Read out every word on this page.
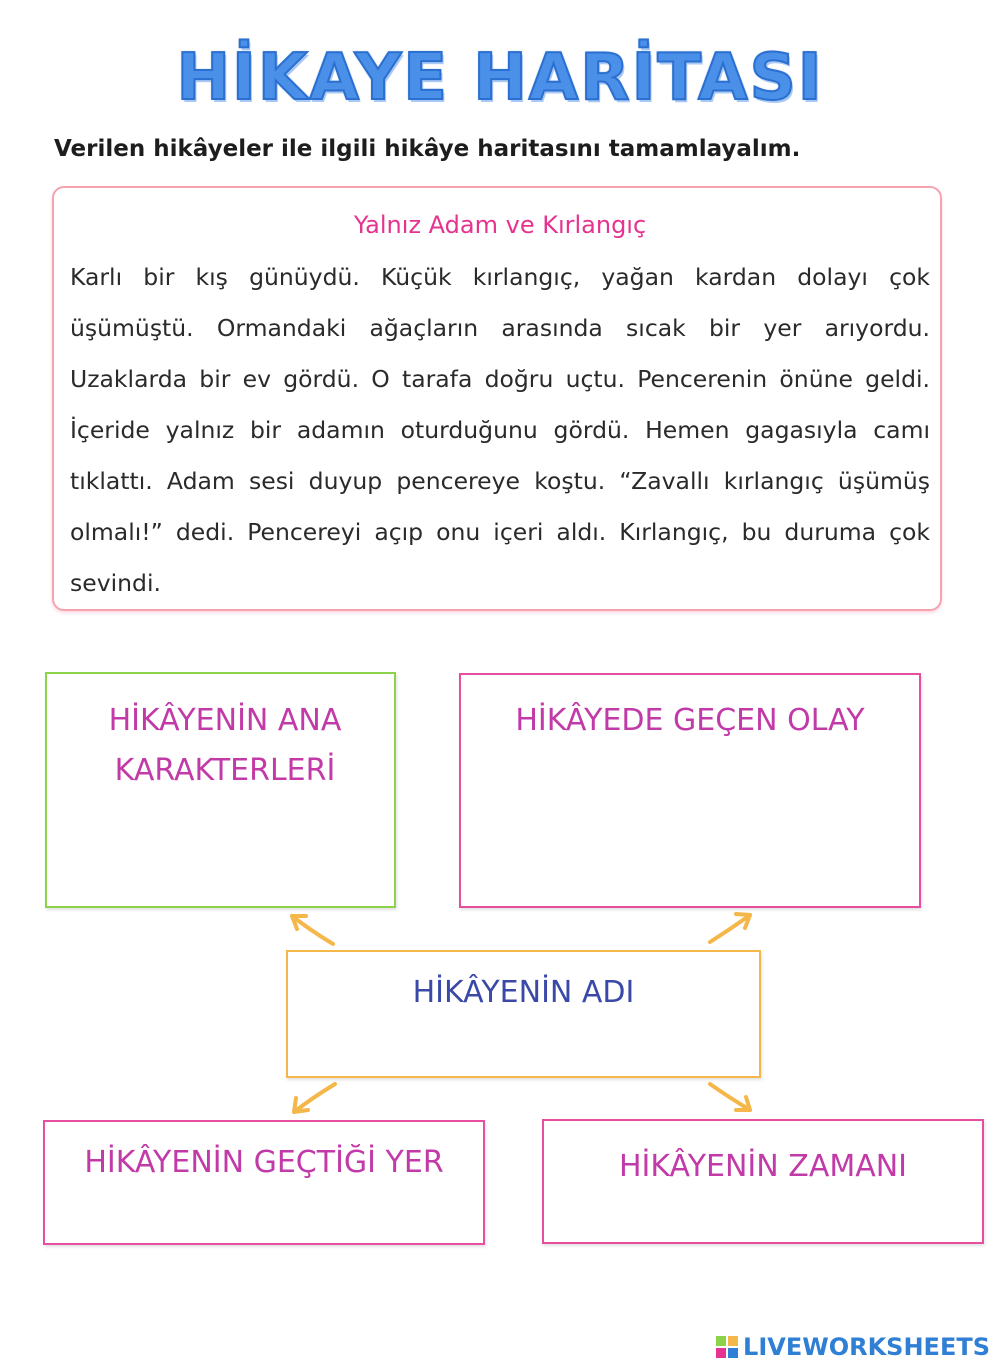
HİKAYE HARİTASI
Verilen hikâyeler ile ilgili hikâye haritasını tamamlayalım.
Yalnız Adam ve Kırlangıç
Karlı bir kış günüydü. Küçük kırlangıç, yağan kardan dolayı çok üşümüştü. Ormandaki ağaçların arasında sıcak bir yer arıyordu. Uzaklarda bir ev gördü. O tarafa doğru uçtu. Pencerenin önüne geldi. İçeride yalnız bir adamın oturduğunu gördü. Hemen gagasıyla camı tıklattı. Adam sesi duyup pencereye koştu. “Zavallı kırlangıç üşümüş olmalı!” dedi. Pencereyi açıp onu içeri aldı. Kırlangıç, bu duruma çok sevindi.
HİKÂYENİN ANA KARAKTERLERİ
HİKÂYEDE GEÇEN OLAY
HİKÂYENİN ADI
HİKÂYENİN GEÇTİĞİ YER	HİKÂYENİN ZAMANI
LIVEWORKSHEETS
